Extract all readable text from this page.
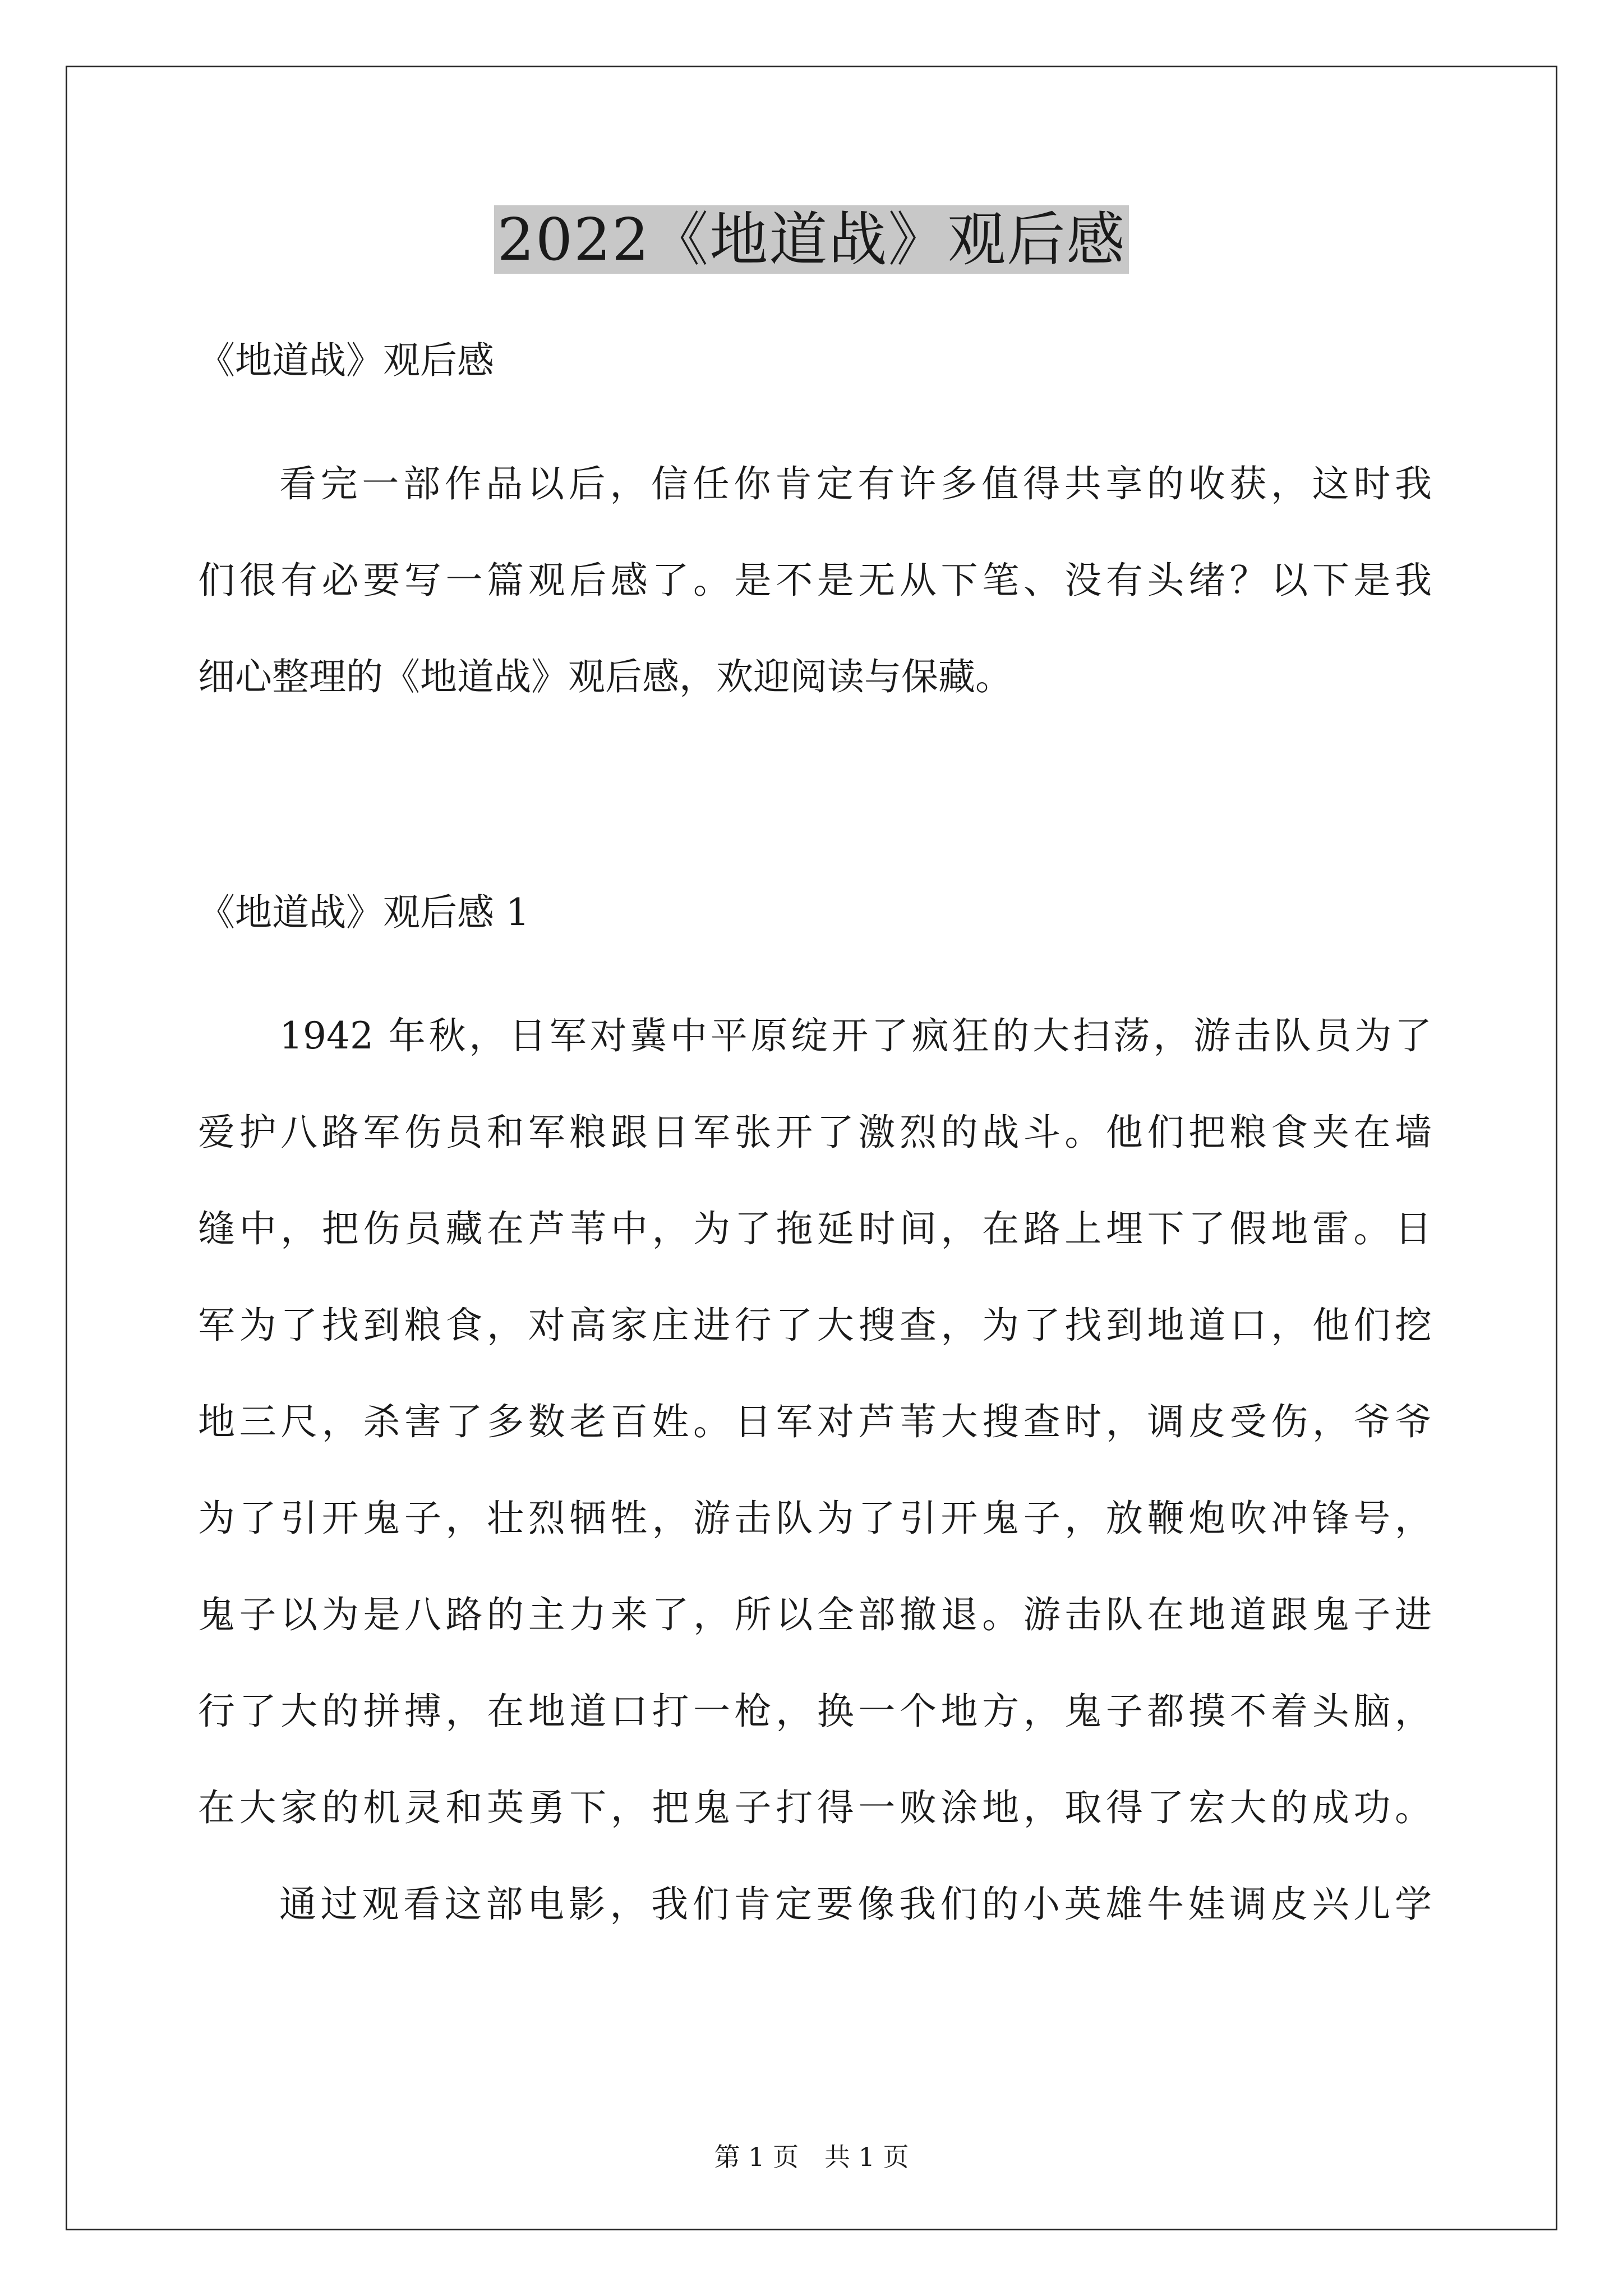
2022《地道战》观后感
《地道战》观后感
看完一部作品以后，信任你肯定有许多值得共享的收获，这时我
们很有必要写一篇观后感了。是不是无从下笔、没有头绪？以下是我
细心整理的《地道战》观后感，欢迎阅读与保藏。
《地道战》观后感 1
1942 年秋，日军对冀中平原绽开了疯狂的大扫荡，游击队员为了
爱护八路军伤员和军粮跟日军张开了激烈的战斗。他们把粮食夹在墙
缝中，把伤员藏在芦苇中，为了拖延时间，在路上埋下了假地雷。日
军为了找到粮食，对高家庄进行了大搜查，为了找到地道口，他们挖
地三尺，杀害了多数老百姓。日军对芦苇大搜查时，调皮受伤，爷爷
为了引开鬼子，壮烈牺牲，游击队为了引开鬼子，放鞭炮吹冲锋号，
鬼子以为是八路的主力来了，所以全部撤退。游击队在地道跟鬼子进
行了大的拼搏，在地道口打一枪，换一个地方，鬼子都摸不着头脑，
在大家的机灵和英勇下，把鬼子打得一败涂地，取得了宏大的成功。
通过观看这部电影，我们肯定要像我们的小英雄牛娃调皮兴儿学
第 1 页　共 1 页
